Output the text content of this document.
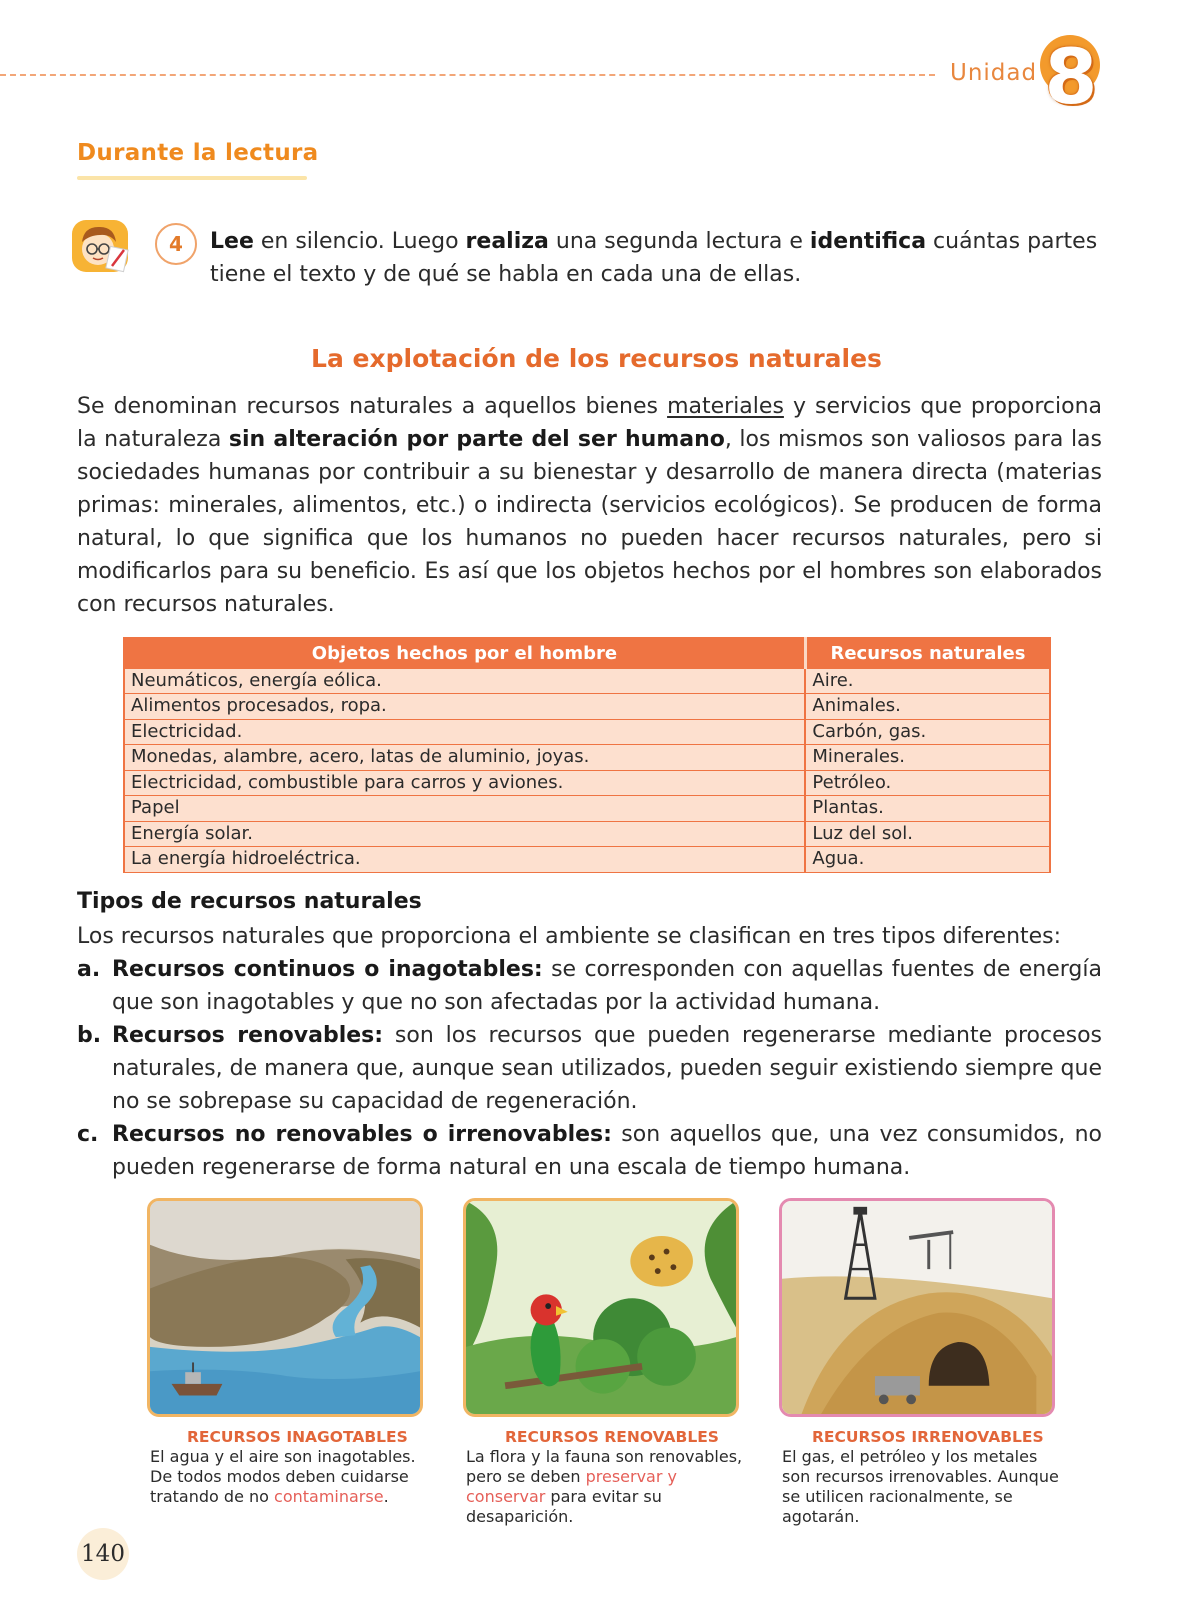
Unidad 8
Durante la lectura
4	Lee en silencio. Luego realiza una segunda lectura e identifica cuántas partes tiene el texto y de qué se habla en cada una de ellas.
La explotación de los recursos naturales
Se denominan recursos naturales a aquellos bienes materiales y servicios que proporciona la naturaleza sin alteración por parte del ser humano, los mismos son valiosos para las sociedades humanas por contribuir a su bienestar y desarrollo de manera directa (materias primas: minerales, alimentos, etc.) o indirecta (servicios ecológicos). Se producen de forma natural, lo que significa que los humanos no pueden hacer recursos naturales, pero si modificarlos para su beneficio. Es así que los objetos hechos por el hombres son elaborados con recursos naturales.
Objetos hechos por el hombre	Recursos naturales
Neumáticos, energía eólica.	Aire.
Alimentos procesados, ropa.	Animales.
Electricidad.	Carbón, gas.
Monedas, alambre, acero, latas de aluminio, joyas.	Minerales.
Electricidad, combustible para carros y aviones.	Petróleo.
Papel	Plantas.
Energía solar.	Luz del sol.
La energía hidroeléctrica.	Agua.
Tipos de recursos naturales
Los recursos naturales que proporciona el ambiente se clasifican en tres tipos diferentes:
a. Recursos continuos o inagotables: se corresponden con aquellas fuentes de energía que son inagotables y que no son afectadas por la actividad humana.
b. Recursos renovables: son los recursos que pueden regenerarse mediante procesos naturales, de manera que, aunque sean utilizados, pueden seguir existiendo siempre que no se sobrepase su capacidad de regeneración.
c. Recursos no renovables o irrenovables: son aquellos que, una vez consumidos, no pueden regenerarse de forma natural en una escala de tiempo humana.
RECURSOS INAGOTABLES
El agua y el aire son inagotables. De todos modos deben cuidarse tratando de no contaminarse.
RECURSOS RENOVABLES
La flora y la fauna son renovables, pero se deben preservar y conservar para evitar su desaparición.
RECURSOS IRRENOVABLES
El gas, el petróleo y los metales son recursos irrenovables. Aunque se utilicen racionalmente, se agotarán.
140
